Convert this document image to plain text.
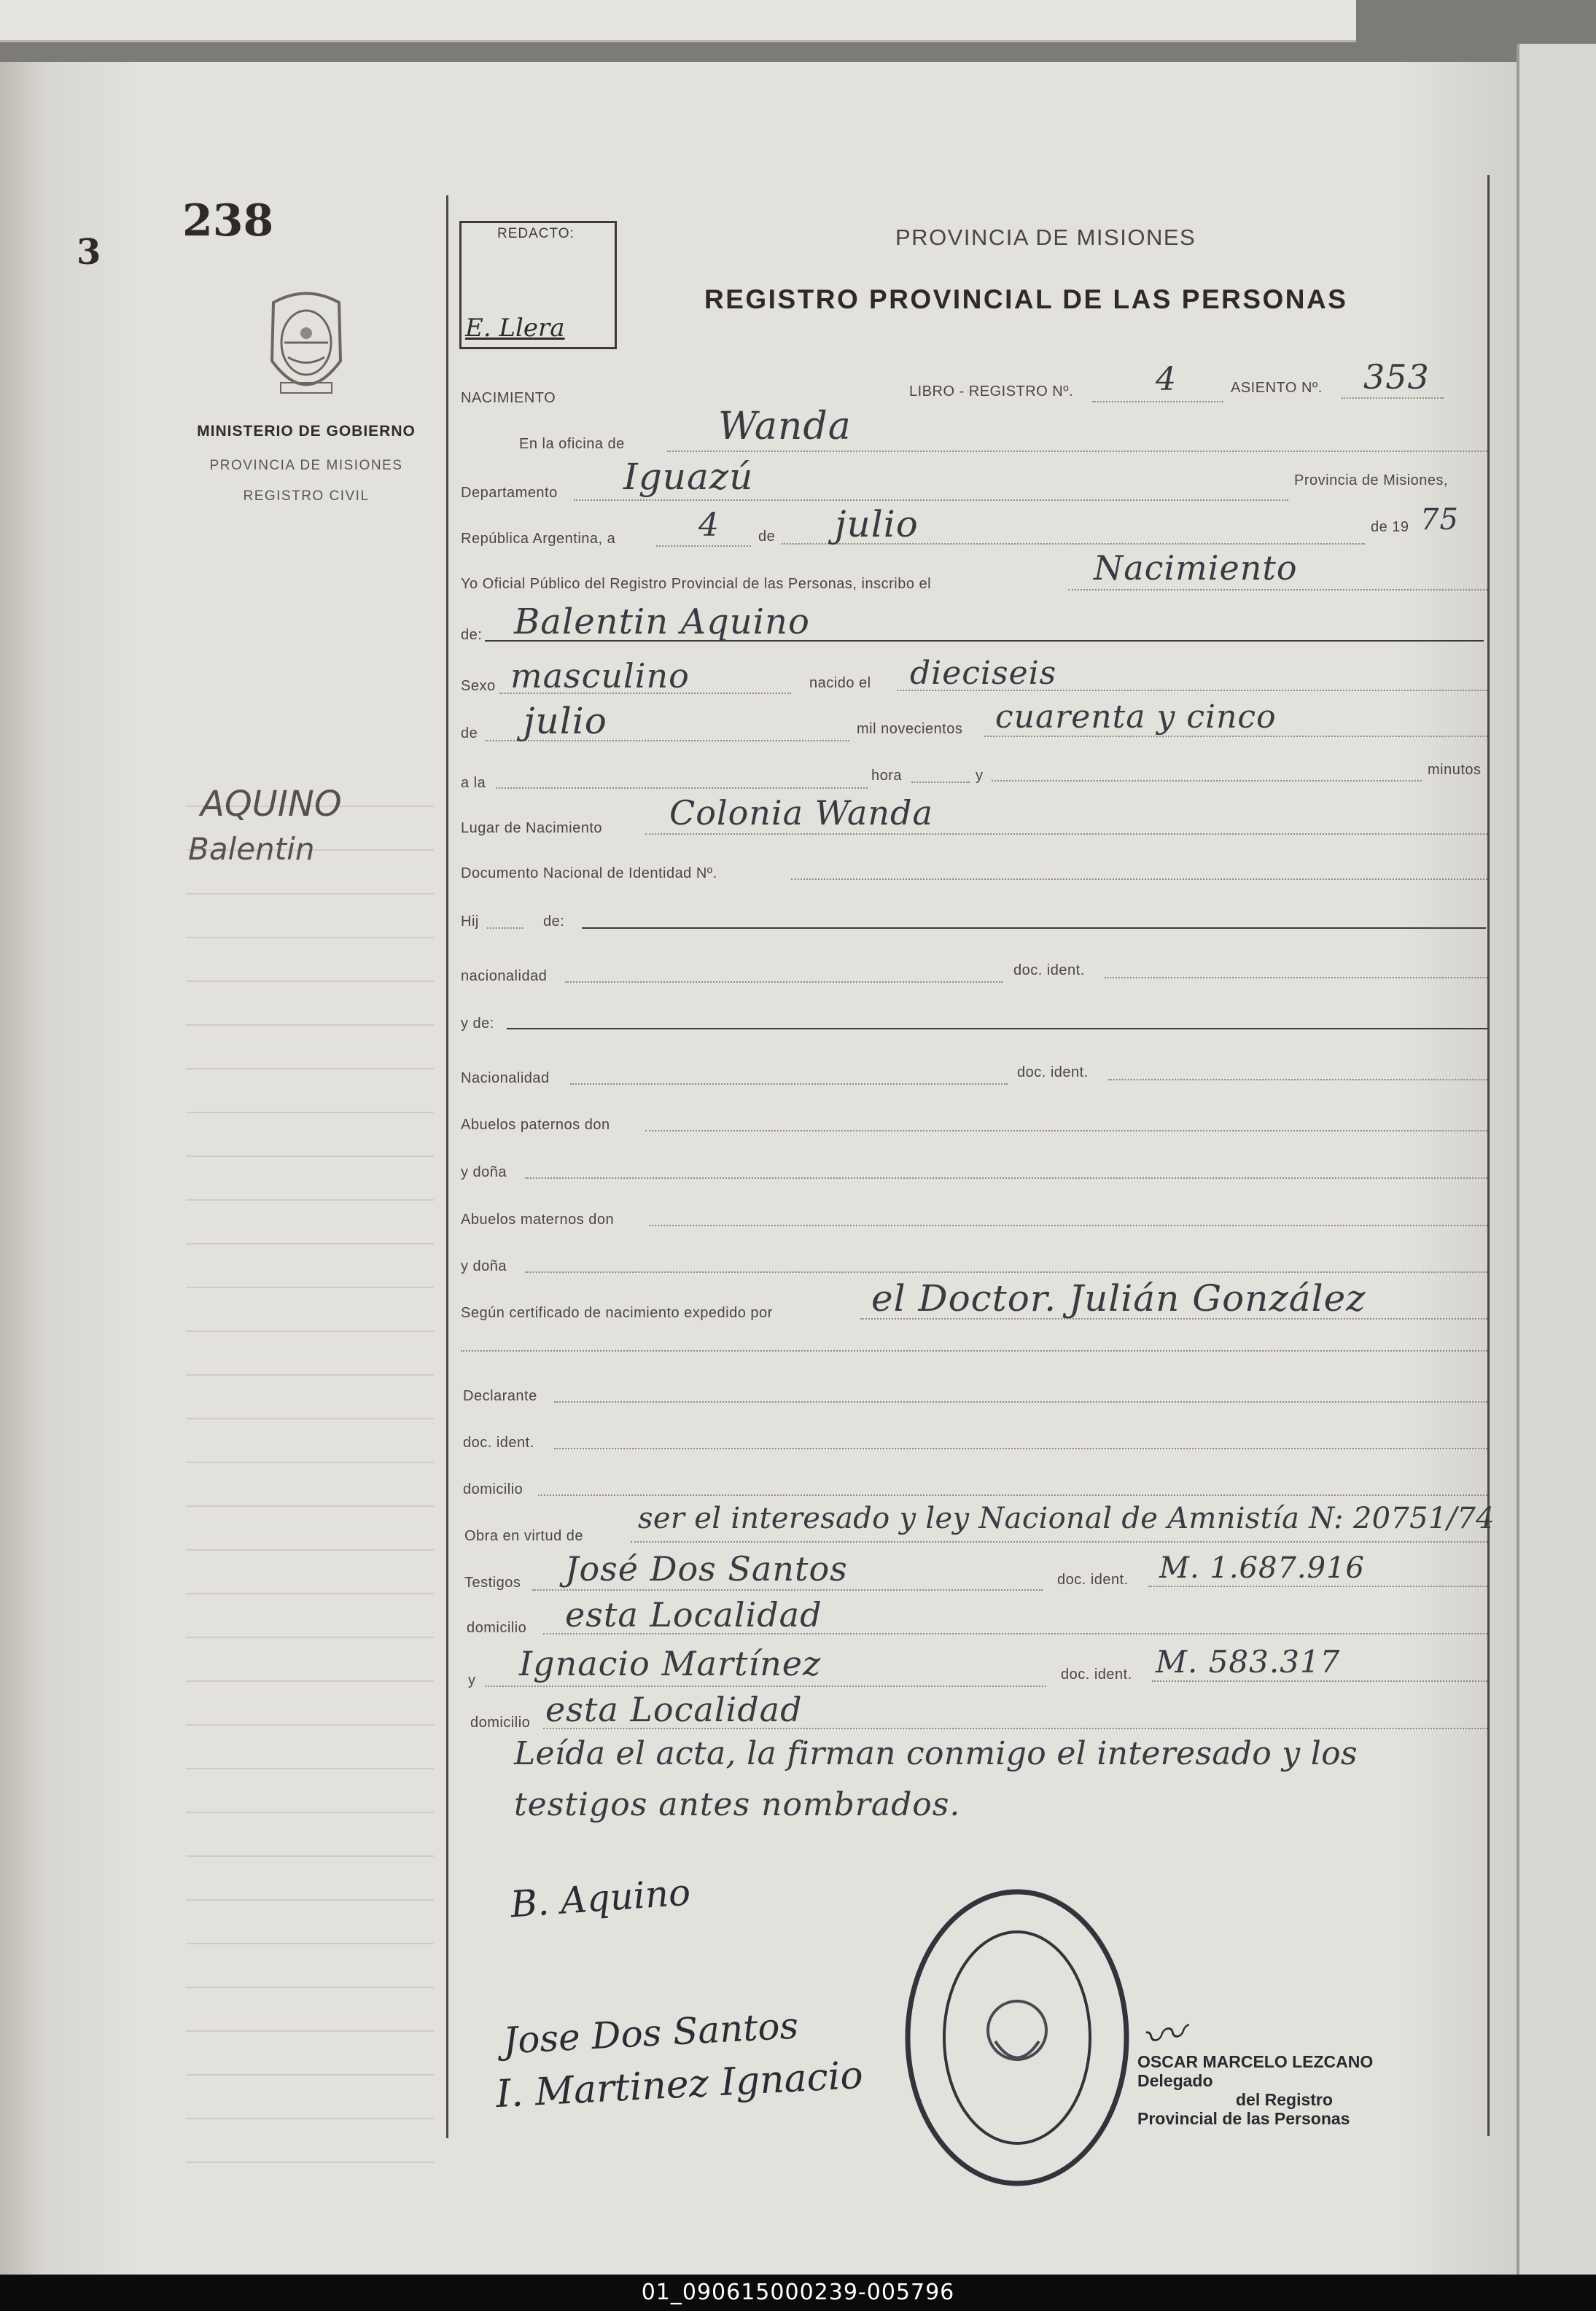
3
238
MINISTERIO DE GOBIERNO
PROVINCIA DE MISIONES
REGISTRO CIVIL
AQUINO
Balentin
REDACTO:
E. Llera
PROVINCIA DE MISIONES
REGISTRO PROVINCIAL DE LAS PERSONAS
NACIMIENTO	LIBRO - REGISTRO Nº.	4	ASIENTO Nº. 353
En la oficina de Wanda
Departamento Iguazú	Provincia de Misiones,
República Argentina, a	4	de julio	de 19 75
Yo Oficial Público del Registro Provincial de las Personas, inscribo el	Nacimiento
de: Balentin Aquino
Sexo masculino	nacido el dieciseis
de julio	mil novecientos cuarenta y cinco
a la	hora	y	minutos
Lugar de Nacimiento Colonia Wanda
Documento Nacional de Identidad Nº.
Hij	de:
nacionalidad	doc. ident.
y de:
Nacionalidad	doc. ident.
Abuelos paternos don
y doña
Abuelos maternos don
y doña
Según certificado de nacimiento expedido por	el Doctor. Julián González
Declarante
doc. ident.
domicilio
Obra en virtud de
ser el interesado y ley Nacional de Amnistía N: 20751/74
Testigos José Dos Santos	doc. ident. M. 1.687.916
domicilio esta Localidad
y Ignacio Martínez	doc. ident. M. 583.317
domicilio esta Localidad
Leída el acta, la firman conmigo el interesado y los
testigos antes nombrados.
B. Aquino
Jose Dos Santos
I. Martinez Ignacio
〰
OSCAR MARCELO LEZCANO
Delegado
del Registro
Provincial de las Personas
01_090615000239-005796
